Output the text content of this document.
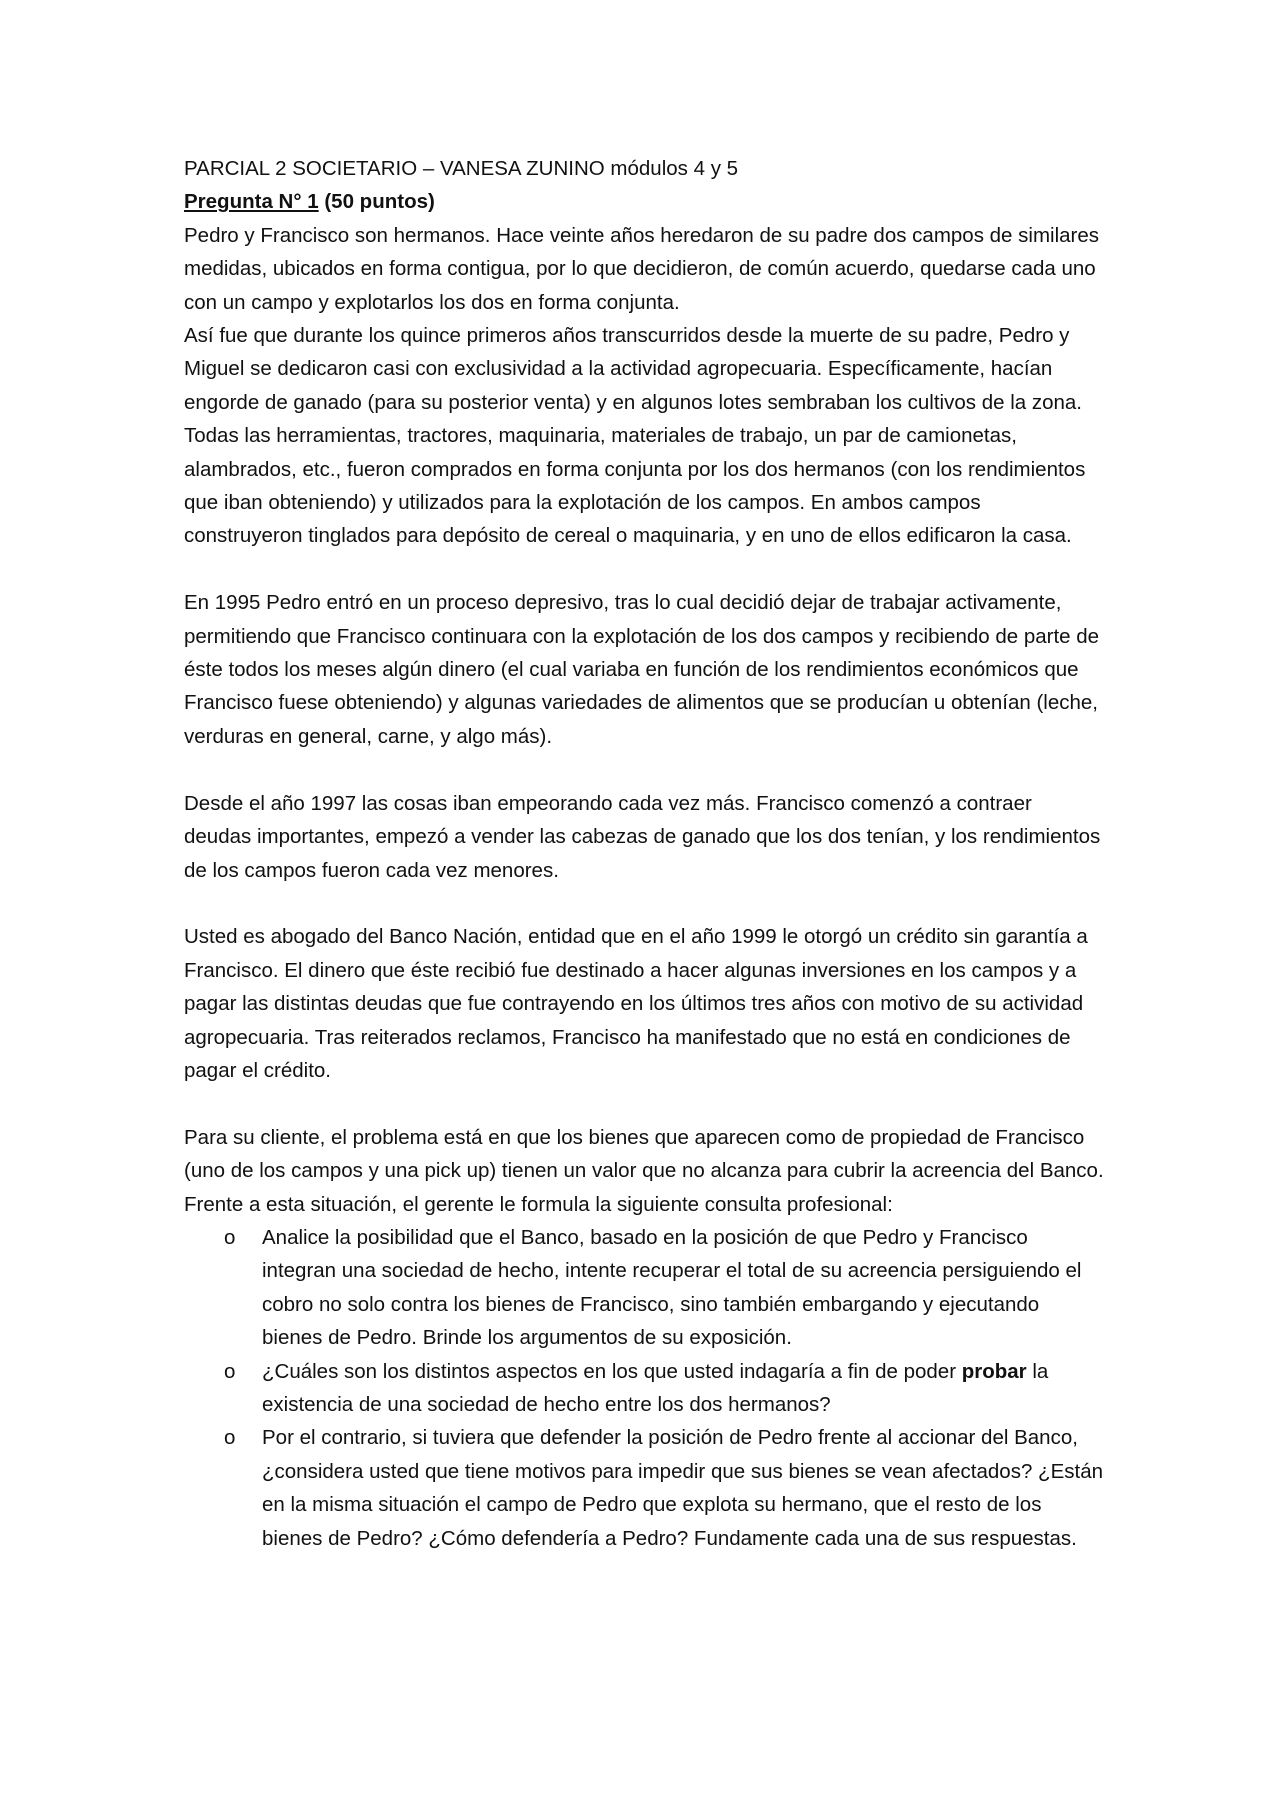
PARCIAL 2 SOCIETARIO – VANESA ZUNINO módulos 4 y 5

Pregunta N° 1 (50 puntos)

Pedro y Francisco son hermanos. Hace veinte años heredaron de su padre dos campos de similares medidas, ubicados en forma contigua, por lo que decidieron, de común acuerdo, quedarse cada uno con un campo y explotarlos los dos en forma conjunta.

Así fue que durante los quince primeros años transcurridos desde la muerte de su padre, Pedro y Miguel se dedicaron casi con exclusividad a la actividad agropecuaria. Específicamente, hacían engorde de ganado (para su posterior venta) y en algunos lotes sembraban los cultivos de la zona. Todas las herramientas, tractores, maquinaria, materiales de trabajo, un par de camionetas, alambrados, etc., fueron comprados en forma conjunta por los dos hermanos (con los rendimientos que iban obteniendo) y utilizados para la explotación de los campos. En ambos campos construyeron tinglados para depósito de cereal o maquinaria, y en uno de ellos edificaron la casa.

En 1995 Pedro entró en un proceso depresivo, tras lo cual decidió dejar de trabajar activamente, permitiendo que Francisco continuara con la explotación de los dos campos y recibiendo de parte de éste todos los meses algún dinero (el cual variaba en función de los rendimientos económicos que Francisco fuese obteniendo) y algunas variedades de alimentos que se producían u obtenían (leche, verduras en general, carne, y algo más).

Desde el año 1997 las cosas iban empeorando cada vez más. Francisco comenzó a contraer deudas importantes, empezó a vender las cabezas de ganado que los dos tenían, y los rendimientos de los campos fueron cada vez menores.

Usted es abogado del Banco Nación, entidad que en el año 1999 le otorgó un crédito sin garantía a Francisco. El dinero que éste recibió fue destinado a hacer algunas inversiones en los campos y a pagar las distintas deudas que fue contrayendo en los últimos tres años con motivo de su actividad agropecuaria. Tras reiterados reclamos, Francisco ha manifestado que no está en condiciones de pagar el crédito.

Para su cliente, el problema está en que los bienes que aparecen como de propiedad de Francisco (uno de los campos y una pick up) tienen un valor que no alcanza para cubrir la acreencia del Banco. Frente a esta situación, el gerente le formula la siguiente consulta profesional:

o Analice la posibilidad que el Banco, basado en la posición de que Pedro y Francisco integran una sociedad de hecho, intente recuperar el total de su acreencia persiguiendo el cobro no solo contra los bienes de Francisco, sino también embargando y ejecutando bienes de Pedro. Brinde los argumentos de su exposición.
o ¿Cuáles son los distintos aspectos en los que usted indagaría a fin de poder probar la existencia de una sociedad de hecho entre los dos hermanos?
o Por el contrario, si tuviera que defender la posición de Pedro frente al accionar del Banco, ¿considera usted que tiene motivos para impedir que sus bienes se vean afectados? ¿Están en la misma situación el campo de Pedro que explota su hermano, que el resto de los bienes de Pedro? ¿Cómo defendería a Pedro? Fundamente cada una de sus respuestas.
